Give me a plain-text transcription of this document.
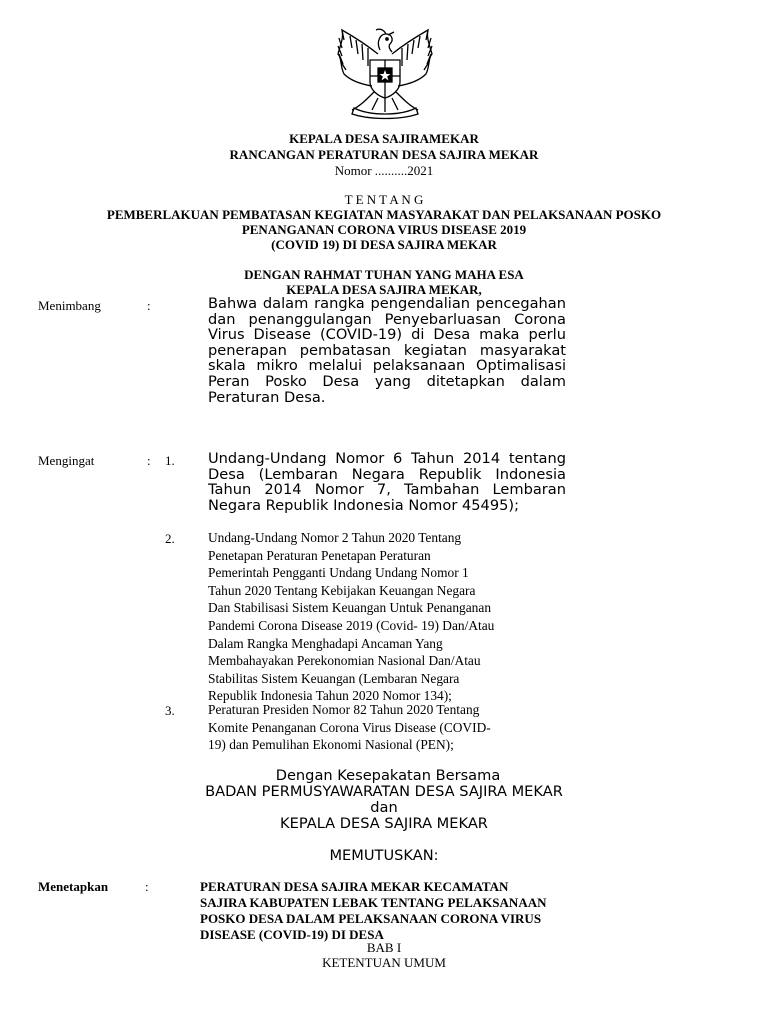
KEPALA DESA SAJIRAMEKAR
RANCANGAN PERATURAN DESA SAJIRA MEKAR
Nomor ..........2021
T E N T A N G
PEMBERLAKUAN PEMBATASAN KEGIATAN MASYARAKAT DAN PELAKSANAAN POSKO
PENANGANAN CORONA VIRUS DISEASE 2019
(COVID 19) DI DESA SAJIRA MEKAR
DENGAN RAHMAT TUHAN YANG MAHA ESA
KEPALA DESA SAJIRA MEKAR,
Menimbang	:	Bahwa dalam rangka pengendalian pencegahan dan penanggulangan Penyebarluasan Corona Virus Disease (COVID-19) di Desa maka perlu penerapan pembatasan kegiatan masyarakat skala mikro melalui pelaksanaan Optimalisasi Peran Posko Desa yang ditetapkan dalam Peraturan Desa.
Mengingat	: 1. Undang-Undang Nomor 6 Tahun 2014 tentang Desa (Lembaran Negara Republik Indonesia Tahun 2014 Nomor 7, Tambahan Lembaran Negara Republik Indonesia Nomor 45495);
2. Undang-Undang Nomor 2 Tahun 2020 Tentang
Penetapan Peraturan Penetapan Peraturan
Pemerintah Pengganti Undang Undang Nomor 1
Tahun 2020 Tentang Kebijakan Keuangan Negara
Dan Stabilisasi Sistem Keuangan Untuk Penanganan
Pandemi Corona Disease 2019 (Covid- 19) Dan/Atau
Dalam Rangka Menghadapi Ancaman Yang
Membahayakan Perekonomian Nasional Dan/Atau
Stabilitas Sistem Keuangan (Lembaran Negara
Republik Indonesia Tahun 2020 Nomor 134);
3. Peraturan Presiden Nomor 82 Tahun 2020 Tentang
Komite Penanganan Corona Virus Disease (COVID-
19) dan Pemulihan Ekonomi Nasional (PEN);
Dengan Kesepakatan Bersama
BADAN PERMUSYAWARATAN DESA SAJIRA MEKAR
dan
KEPALA DESA SAJIRA MEKAR
MEMUTUSKAN:
Menetapkan	:	PERATURAN DESA SAJIRA MEKAR KECAMATAN
SAJIRA KABUPATEN LEBAK TENTANG PELAKSANAAN
POSKO DESA DALAM PELAKSANAAN CORONA VIRUS
DISEASE (COVID-19) DI DESA
BAB I
KETENTUAN UMUM
